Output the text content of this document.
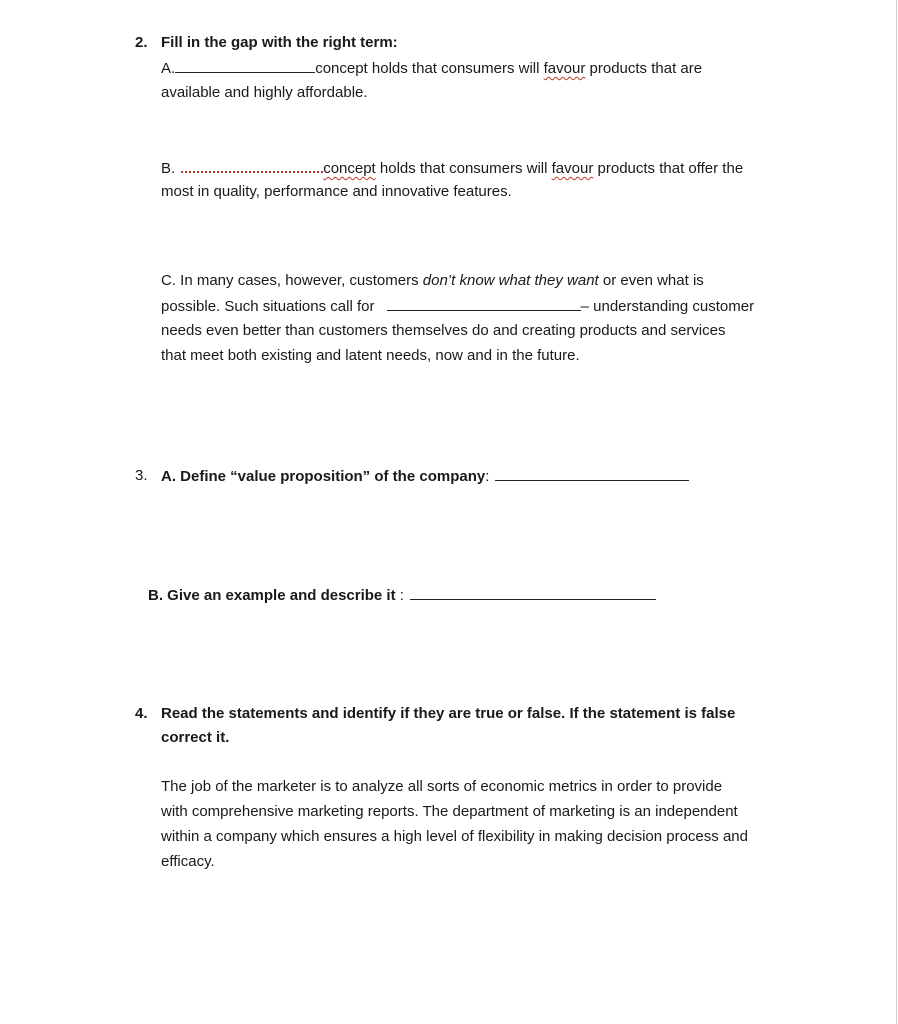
2. Fill in the gap with the right term:
A.	concept holds that consumers will favour products that are
available and highly affordable.
B.	concept holds that consumers will favour products that offer the
most in quality, performance and innovative features.
C. In many cases, however, customers don’t know what they want or even what is
possible. Such situations call for	– understanding customer
needs even better than customers themselves do and creating products and services
that meet both existing and latent needs, now and in the future.
3. A. Define “value proposition” of the company:
B. Give an example and describe it :
4. Read the statements and identify if they are true or false. If the statement is false
correct it.
The job of the marketer is to analyze all sorts of economic metrics in order to provide
with comprehensive marketing reports. The department of marketing is an independent
within a company which ensures a high level of flexibility in making decision process and
efficacy.
